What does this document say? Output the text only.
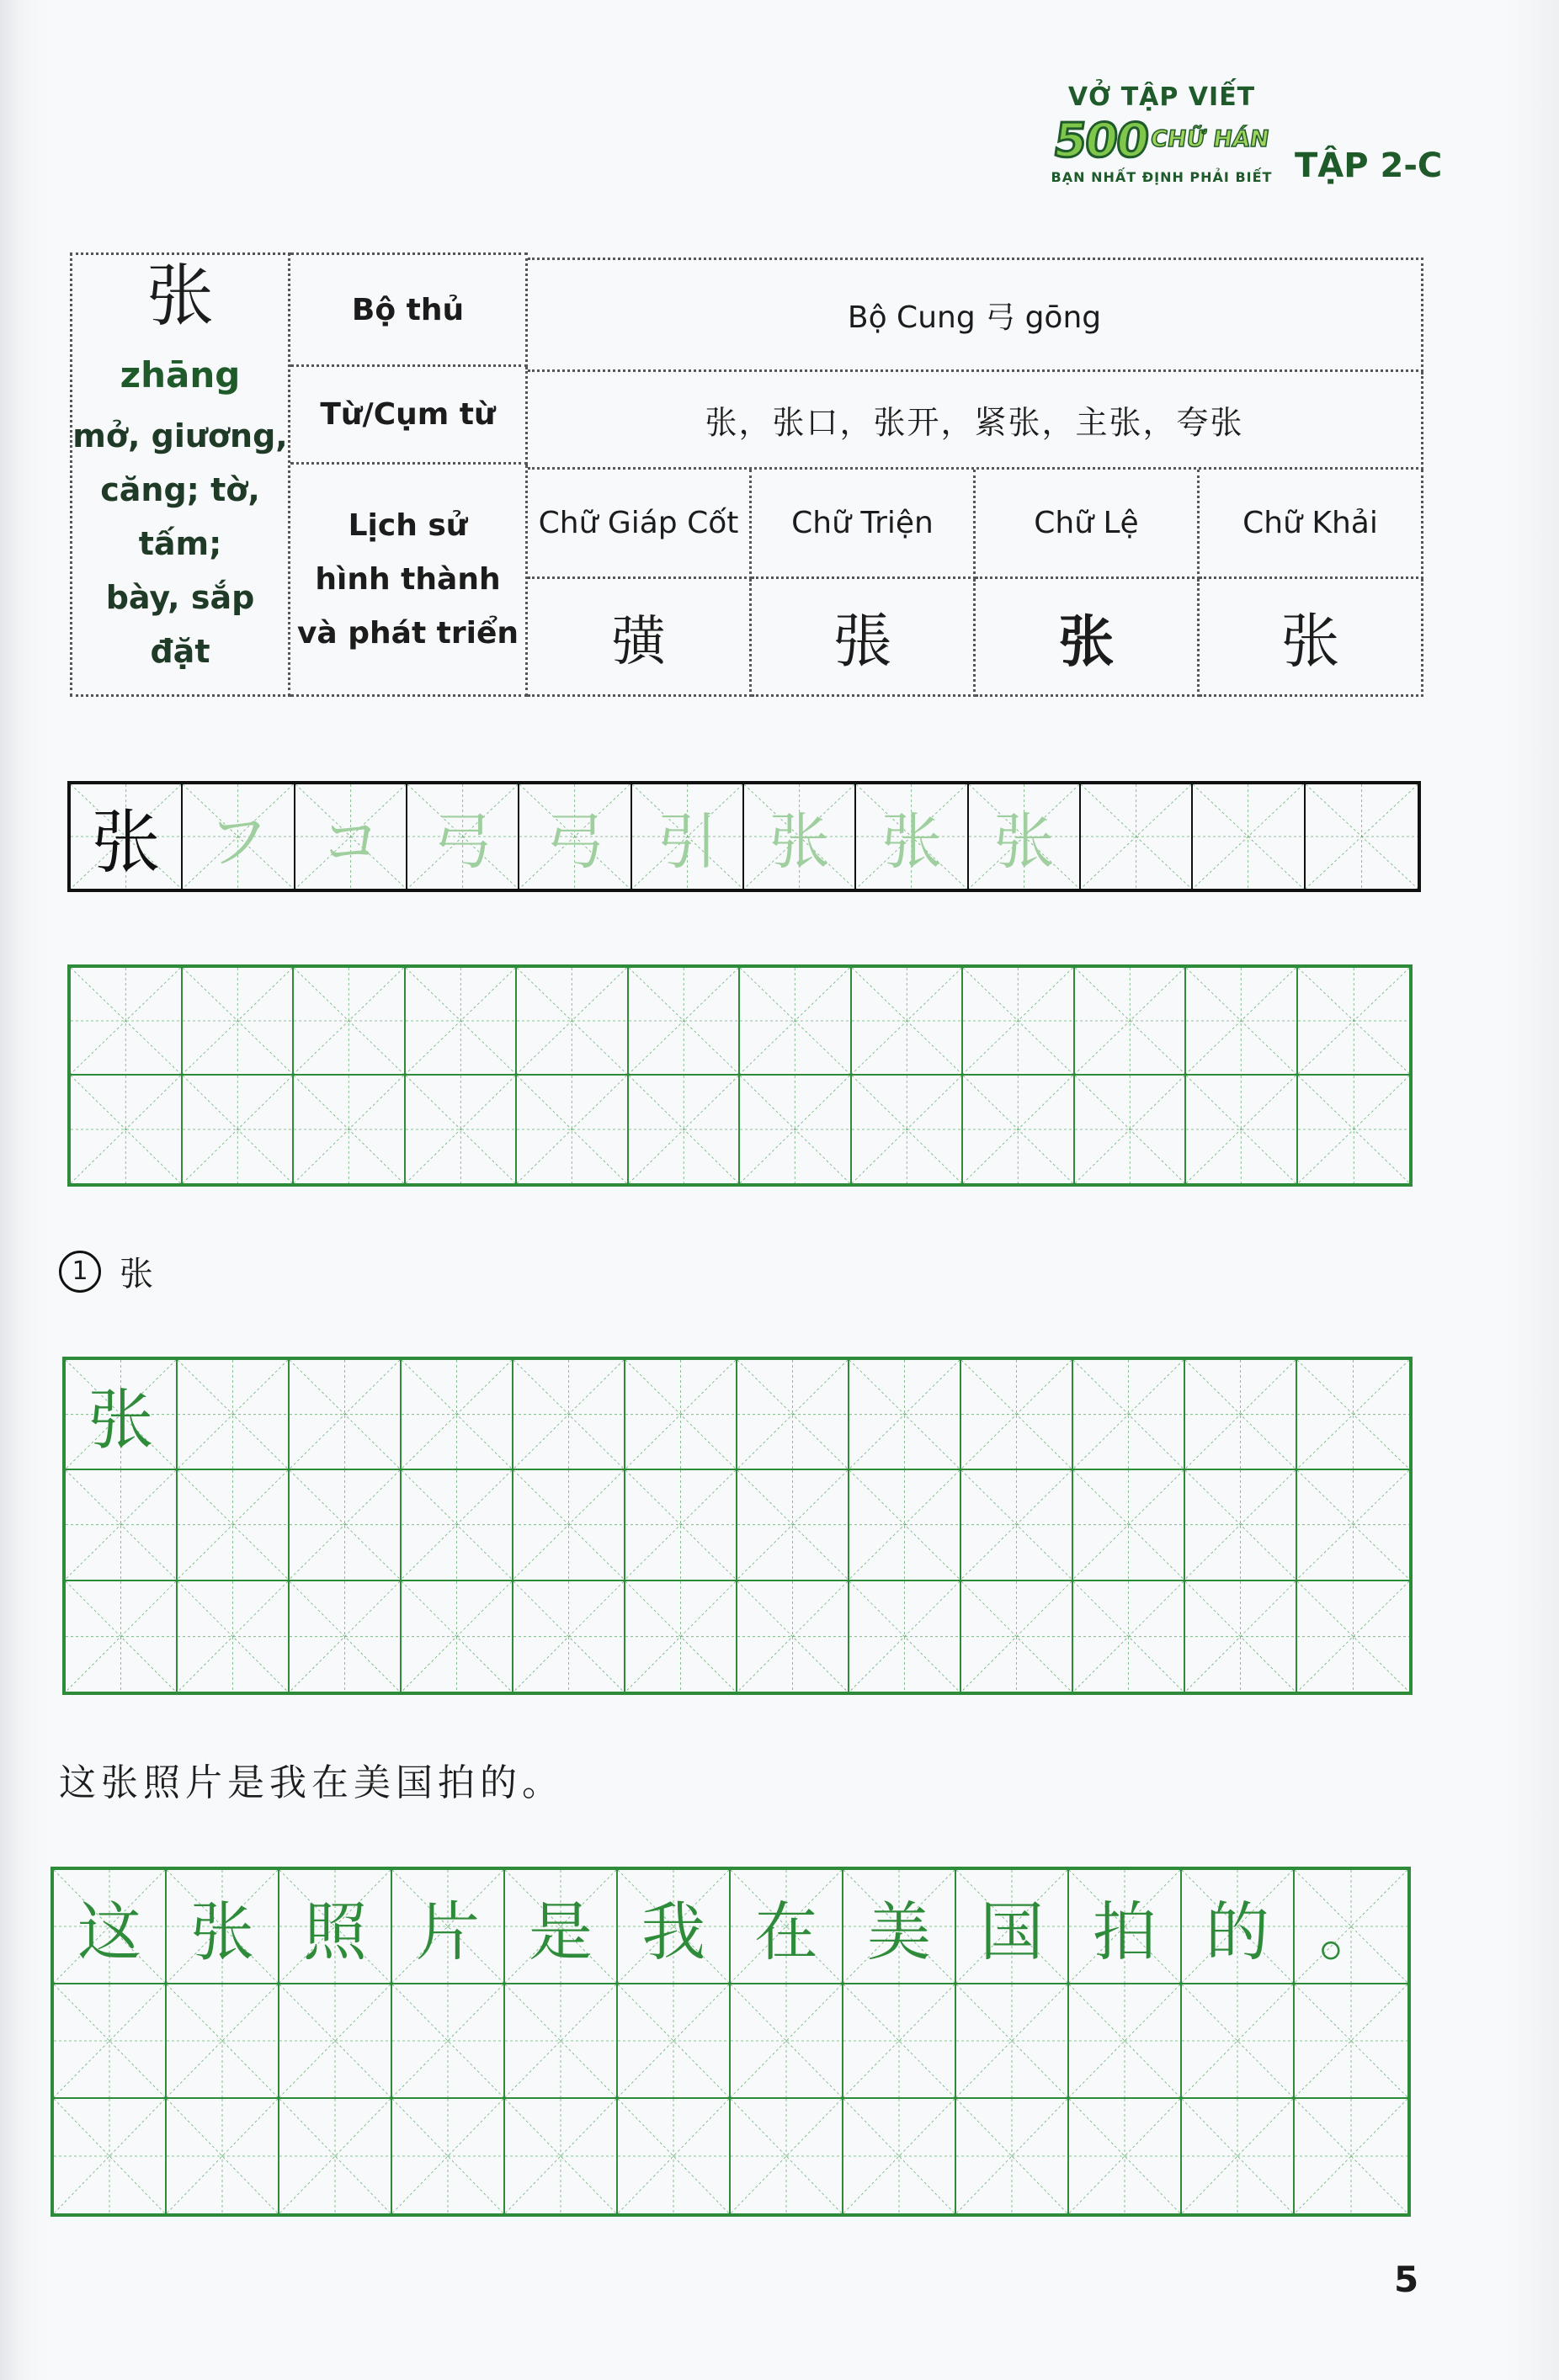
VỞ TẬP VIẾT
500CHỮ HÁN
BẠN NHẤT ĐỊNH PHẢI BIẾT TẬP 2-C
张
zhāng
mở, giương,
căng; tờ, tấm;
bày, sắp đặt
Bộ thủ	Bộ Cung 弓 gōng
Từ/Cụm từ	张，张口，张开，紧张，主张，夸张
Lịch sử
hình thành
và phát triển
Chữ Giáp Cốt	Chữ Triện	Chữ Lệ	Chữ Khải
彉	張	张	张
张 フ コ 弓 弓 引 张 张 张
1 张
张
这张照片是我在美国拍的。
这 张 照 片 是 我 在 美 国 拍 的 。
5
